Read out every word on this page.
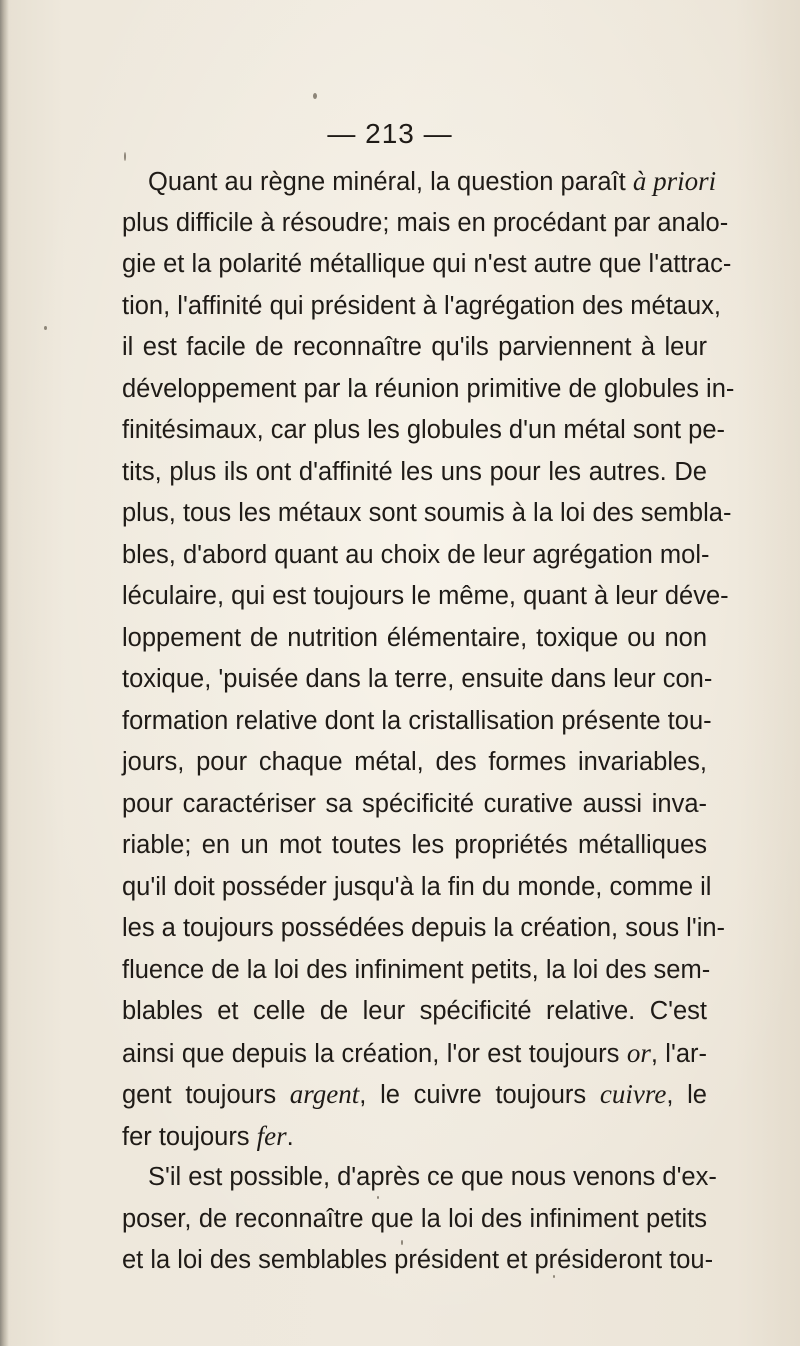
— 213 —
Quant au règne minéral, la question paraît à priori
plus difficile à résoudre; mais en procédant par analo-
gie et la polarité métallique qui n'est autre que l'attrac-
tion, l'affinité qui président à l'agrégation des métaux,
il est facile de reconnaître qu'ils parviennent à leur
développement par la réunion primitive de globules in-
finitésimaux, car plus les globules d'un métal sont pe-
tits, plus ils ont d'affinité les uns pour les autres. De
plus, tous les métaux sont soumis à la loi des sembla-
bles, d'abord quant au choix de leur agrégation mol-
léculaire, qui est toujours le même, quant à leur déve-
loppement de nutrition élémentaire, toxique ou non
toxique, 'puisée dans la terre, ensuite dans leur con-
formation relative dont la cristallisation présente tou-
jours, pour chaque métal, des formes invariables,
pour caractériser sa spécificité curative aussi inva-
riable; en un mot toutes les propriétés métalliques
qu'il doit posséder jusqu'à la fin du monde, comme il
les a toujours possédées depuis la création, sous l'in-
fluence de la loi des infiniment petits, la loi des sem-
blables et celle de leur spécificité relative. C'est
ainsi que depuis la création, l'or est toujours or, l'ar-
gent toujours argent, le cuivre toujours cuivre, le
fer toujours fer.
S'il est possible, d'après ce que nous venons d'ex-
poser, de reconnaître que la loi des infiniment petits
et la loi des semblables président et présideront tou-
